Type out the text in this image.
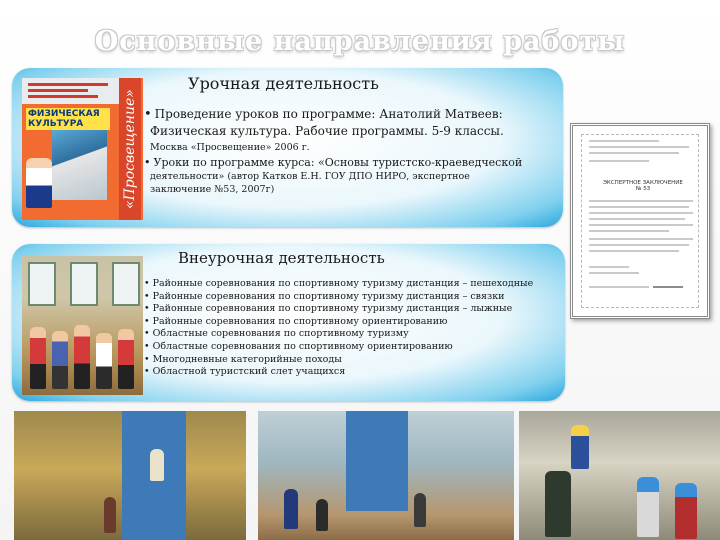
Основные направления работы
ФИЗИЧЕСКАЯ КУЛЬТУРА	«Просвещение»
Урочная деятельность
• Проведение уроков по программе: Анатолий Матвеев:
Физическая культура. Рабочие программы. 5-9 классы.
Москва «Просвещение» 2006 г.
• Уроки по программе курса: «Основы туристско-краеведческой
деятельности» (автор Катков Е.Н. ГОУ ДПО НИРО, экспертное
заключение №53, 2007г)
ЭКСПЕРТНОЕ ЗАКЛЮЧЕНИЕ
№ 53
Внеурочная деятельность
• Районные соревнования по спортивному туризму дистанция – пешеходные
• Районные соревнования по спортивному туризму дистанция – связки
• Районные соревнования по спортивному туризму дистанция – лыжные
• Районные соревнования по спортивному ориентированию
• Областные соревнования по спортивному туризму
• Областные соревнования по спортивному ориентированию
• Многодневные категорийные походы
• Областной туристский слет учащихся
